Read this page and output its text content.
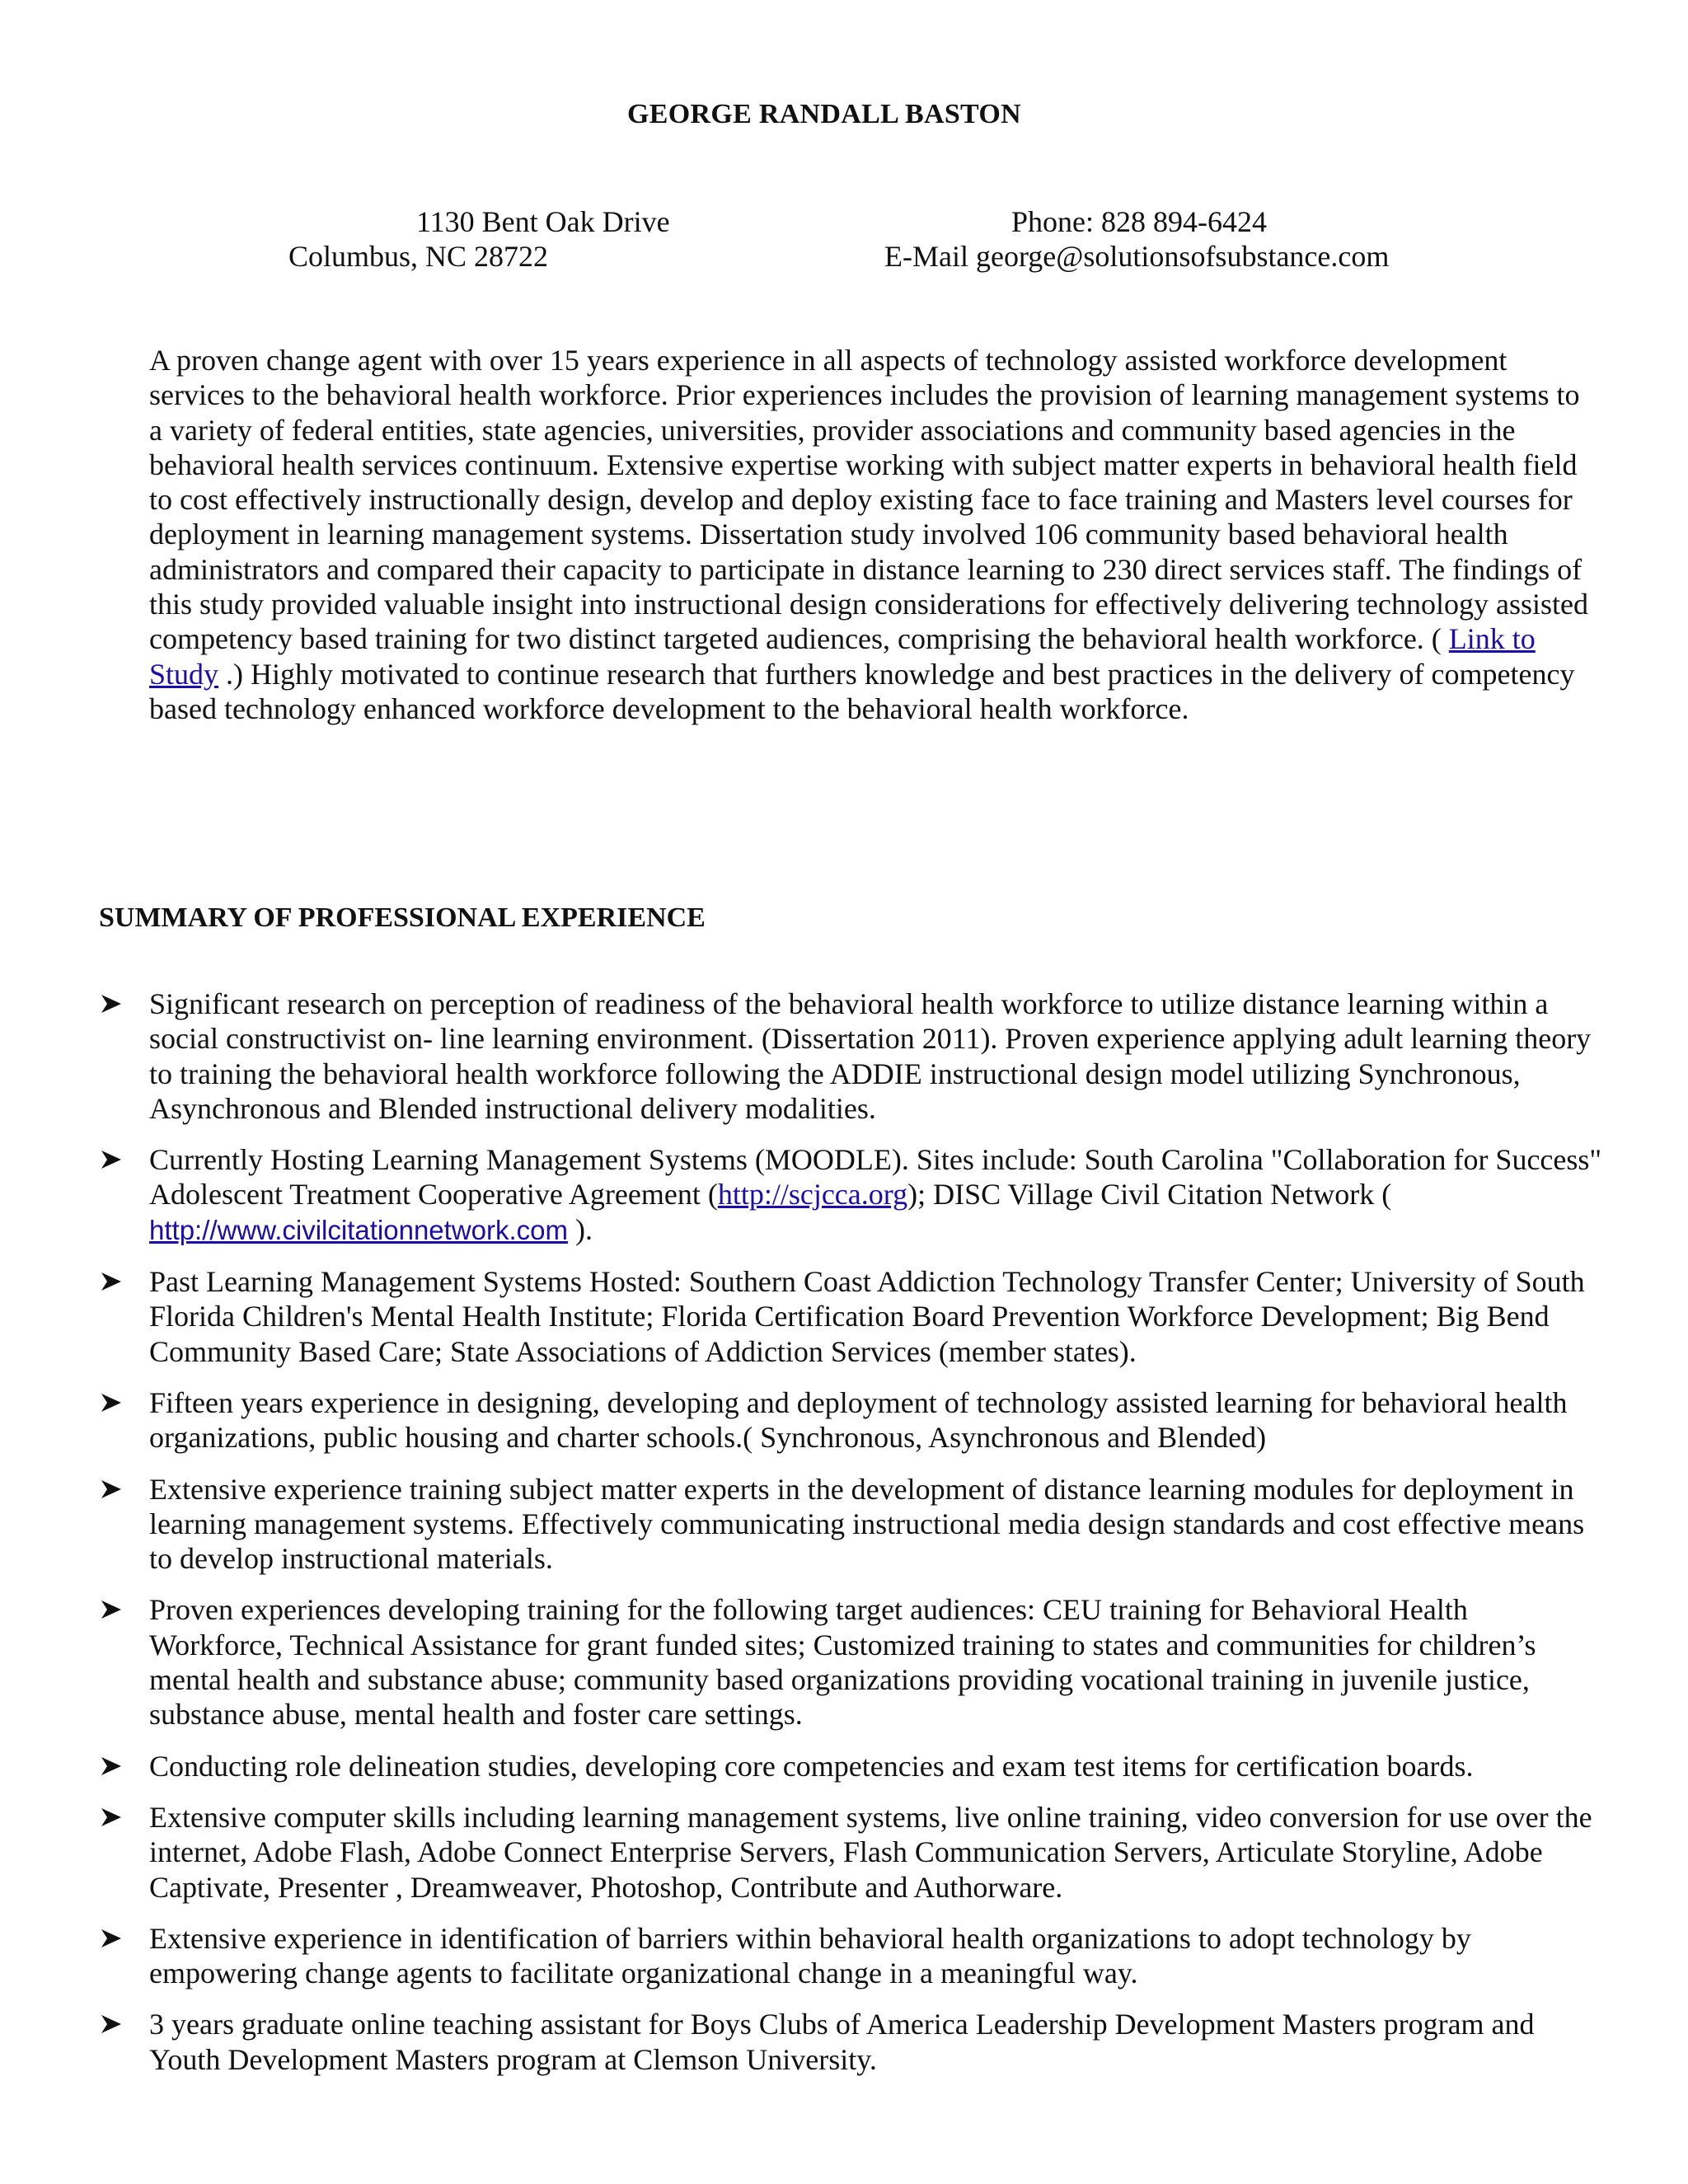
GEORGE RANDALL BASTON
1130 Bent Oak Drive
Columbus, NC 28722
Phone: 828 894-6424
E-Mail george@solutionsofsubstance.com

A proven change agent with over 15 years experience in all aspects of technology assisted workforce development services to the behavioral health workforce. Prior experiences includes the provision of learning management systems to a variety of federal entities, state agencies, universities, provider associations and community based agencies in the behavioral health services continuum. Extensive expertise working with subject matter experts in behavioral health field to cost effectively instructionally design, develop and deploy existing face to face training and Masters level courses for deployment in learning management systems. Dissertation study involved 106 community based behavioral health administrators and compared their capacity to participate in distance learning to 230 direct services staff. The findings of this study provided valuable insight into instructional design considerations for effectively delivering technology assisted competency based training for two distinct targeted audiences, comprising the behavioral health workforce. ( Link to Study .) Highly motivated to continue research that furthers knowledge and best practices in the delivery of competency based technology enhanced workforce development to the behavioral health workforce.

SUMMARY OF PROFESSIONAL EXPERIENCE
Significant research on perception of readiness of the behavioral health workforce to utilize distance learning within a social constructivist on- line learning environment. (Dissertation 2011). Proven experience applying adult learning theory to training the behavioral health workforce following the ADDIE instructional design model utilizing Synchronous, Asynchronous and Blended instructional delivery modalities.
Currently Hosting Learning Management Systems (MOODLE). Sites include: South Carolina "Collaboration for Success" Adolescent Treatment Cooperative Agreement (http://scjcca.org); DISC Village Civil Citation Network ( http://www.civilcitationnetwork.com ).
Past Learning Management Systems Hosted: Southern Coast Addiction Technology Transfer Center; University of South Florida Children's Mental Health Institute; Florida Certification Board Prevention Workforce Development; Big Bend Community Based Care; State Associations of Addiction Services (member states).
Fifteen years experience in designing, developing and deployment of technology assisted learning for behavioral health organizations, public housing and charter schools.( Synchronous, Asynchronous and Blended)
Extensive experience training subject matter experts in the development of distance learning modules for deployment in learning management systems. Effectively communicating instructional media design standards and cost effective means to develop instructional materials.
Proven experiences developing training for the following target audiences: CEU training for Behavioral Health Workforce, Technical Assistance for grant funded sites; Customized training to states and communities for children’s mental health and substance abuse; community based organizations providing vocational training in juvenile justice, substance abuse, mental health and foster care settings.
Conducting role delineation studies, developing core competencies and exam test items for certification boards.
Extensive computer skills including learning management systems, live online training, video conversion for use over the internet, Adobe Flash, Adobe Connect Enterprise Servers, Flash Communication Servers, Articulate Storyline, Adobe Captivate, Presenter , Dreamweaver, Photoshop, Contribute and Authorware.
Extensive experience in identification of barriers within behavioral health organizations to adopt technology by empowering change agents to facilitate organizational change in a meaningful way.
3 years graduate online teaching assistant for Boys Clubs of America Leadership Development Masters program and Youth Development Masters program at Clemson University.
